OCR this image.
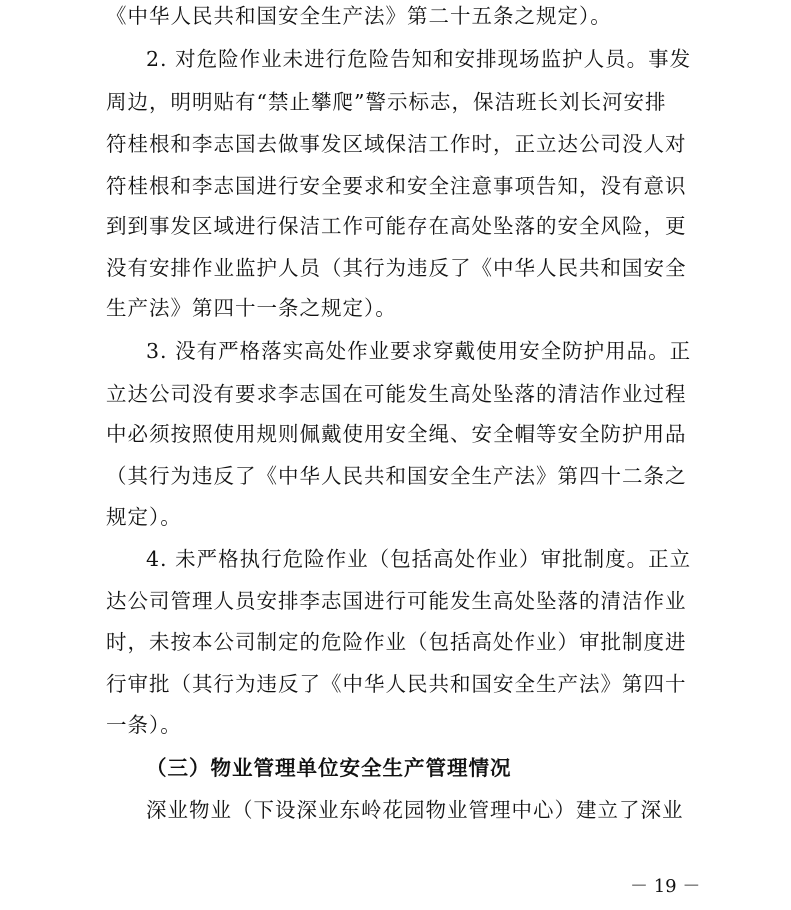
《中华人民共和国安全生产法》第二十五条之规定）。
2. 对危险作业未进行危险告知和安排现场监护人员。事发
周边，明明贴有“禁止攀爬”警示标志，保洁班长刘长河安排
符桂根和李志国去做事发区域保洁工作时，正立达公司没人对
符桂根和李志国进行安全要求和安全注意事项告知，没有意识
到到事发区域进行保洁工作可能存在高处坠落的安全风险，更
没有安排作业监护人员（其行为违反了《中华人民共和国安全
生产法》第四十一条之规定）。
3. 没有严格落实高处作业要求穿戴使用安全防护用品。正
立达公司没有要求李志国在可能发生高处坠落的清洁作业过程
中必须按照使用规则佩戴使用安全绳、安全帽等安全防护用品
（其行为违反了《中华人民共和国安全生产法》第四十二条之
规定）。
4. 未严格执行危险作业（包括高处作业）审批制度。正立
达公司管理人员安排李志国进行可能发生高处坠落的清洁作业
时，未按本公司制定的危险作业（包括高处作业）审批制度进
行审批（其行为违反了《中华人民共和国安全生产法》第四十
一条）。
（三）物业管理单位安全生产管理情况
深业物业（下设深业东岭花园物业管理中心）建立了深业
－ 19 －
